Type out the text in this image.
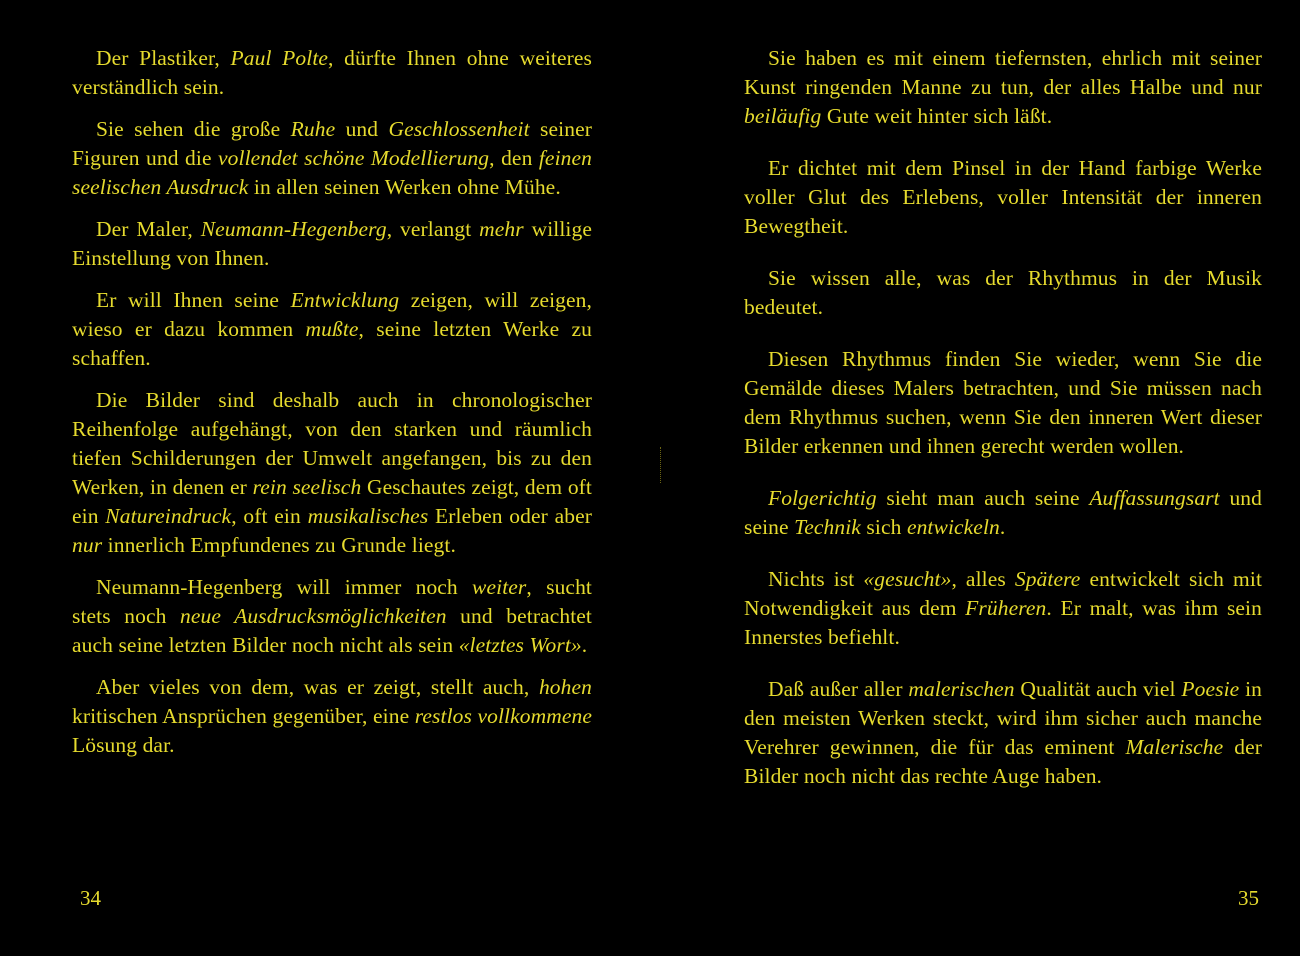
Der Plastiker, Paul Polte, dürfte Ihnen ohne weiteres verständlich sein.

Sie sehen die große Ruhe und Geschlossenheit seiner Figuren und die vollendet schöne Modellierung, den feinen seelischen Ausdruck in allen seinen Werken ohne Mühe.

Der Maler, Neumann-Hegenberg, verlangt mehr willige Einstellung von Ihnen.

Er will Ihnen seine Entwicklung zeigen, will zeigen, wieso er dazu kommen mußte, seine letzten Werke zu schaffen.

Die Bilder sind deshalb auch in chronologischer Reihenfolge aufgehängt, von den starken und räumlich tiefen Schilderungen der Umwelt angefangen, bis zu den Werken, in denen er rein seelisch Geschautes zeigt, dem oft ein Natureindruck, oft ein musikalisches Erleben oder aber nur innerlich Empfundenes zu Grunde liegt.

Neumann-Hegenberg will immer noch weiter, sucht stets noch neue Ausdrucksmöglichkeiten und betrachtet auch seine letzten Bilder noch nicht als sein «letztes Wort».

Aber vieles von dem, was er zeigt, stellt auch, hohen kritischen Ansprüchen gegenüber, eine restlos vollkommene Lösung dar.

Sie haben es mit einem tiefernsten, ehrlich mit seiner Kunst ringenden Manne zu tun, der alles Halbe und nur beiläufig Gute weit hinter sich läßt.

Er dichtet mit dem Pinsel in der Hand farbige Werke voller Glut des Erlebens, voller Intensität der inneren Bewegtheit.

Sie wissen alle, was der Rhythmus in der Musik bedeutet.

Diesen Rhythmus finden Sie wieder, wenn Sie die Gemälde dieses Malers betrachten, und Sie müssen nach dem Rhythmus suchen, wenn Sie den inneren Wert dieser Bilder erkennen und ihnen gerecht werden wollen.

Folgerichtig sieht man auch seine Auffassungsart und seine Technik sich entwickeln.

Nichts ist «gesucht», alles Spätere entwickelt sich mit Notwendigkeit aus dem Früheren. Er malt, was ihm sein Innerstes befiehlt.

Daß außer aller malerischen Qualität auch viel Poesie in den meisten Werken steckt, wird ihm sicher auch manche Verehrer gewinnen, die für das eminent Malerische der Bilder noch nicht das rechte Auge haben.

34	35
